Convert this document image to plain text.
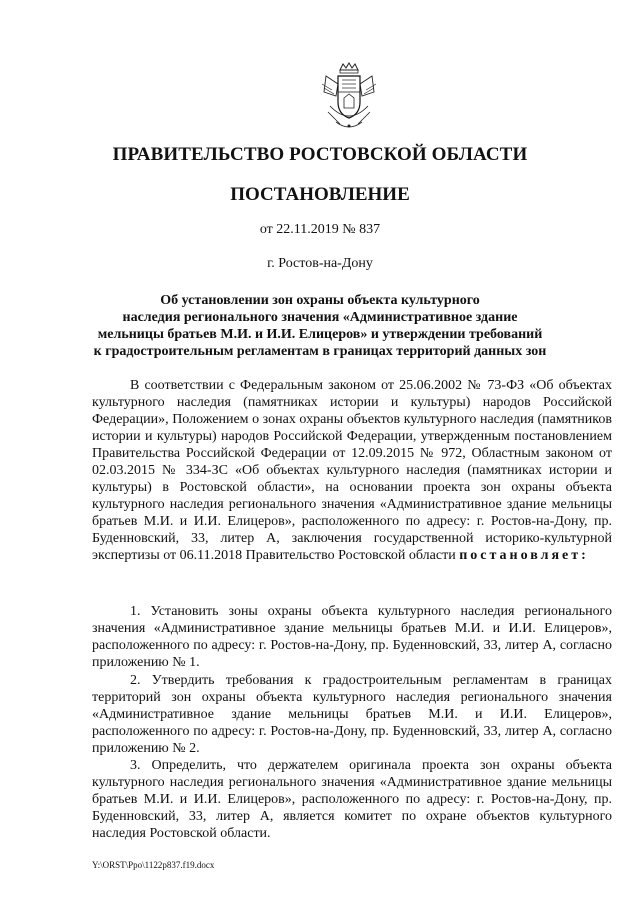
ПРАВИТЕЛЬСТВО РОСТОВСКОЙ ОБЛАСТИ
ПОСТАНОВЛЕНИЕ
от 22.11.2019 № 837
г. Ростов-на-Дону
Об установлении зон охраны объекта культурного
наследия регионального значения «Административное здание
мельницы братьев М.И. и И.И. Елицеров» и утверждении требований
к градостроительным регламентам в границах территорий данных зон

В соответствии с Федеральным законом от 25.06.2002 № 73-ФЗ «Об объектах культурного наследия (памятниках истории и культуры) народов Российской Федерации», Положением о зонах охраны объектов культурного наследия (памятников истории и культуры) народов Российской Федерации, утвержденным постановлением Правительства Российской Федерации от 12.09.2015 № 972, Областным законом от 02.03.2015 № 334-ЗС «Об объектах культурного наследия (памятниках истории и культуры) в Ростовской области», на основании проекта зон охраны объекта культурного наследия регионального значения «Административное здание мельницы братьев М.И. и И.И. Елицеров», расположенного по адресу: г. Ростов-на-Дону, пр. Буденновский, 33, литер А, заключения государственной историко-культурной экспертизы от 06.11.2018 Правительство Ростовской области постановляет:

1. Установить зоны охраны объекта культурного наследия регионального значения «Административное здание мельницы братьев М.И. и И.И. Елицеров», расположенного по адресу: г. Ростов-на-Дону, пр. Буденновский, 33, литер А, согласно приложению № 1.

2. Утвердить требования к градостроительным регламентам в границах территорий зон охраны объекта культурного наследия регионального значения «Административное здание мельницы братьев М.И. и И.И. Елицеров», расположенного по адресу: г. Ростов-на-Дону, пр. Буденновский, 33, литер А, согласно приложению № 2.

3. Определить, что держателем оригинала проекта зон охраны объекта культурного наследия регионального значения «Административное здание мельницы братьев М.И. и И.И. Елицеров», расположенного по адресу: г. Ростов-на-Дону, пр. Буденновский, 33, литер А, является комитет по охране объектов культурного наследия Ростовской области.

Y:\ORST\Ppo\1122p837.f19.docx
